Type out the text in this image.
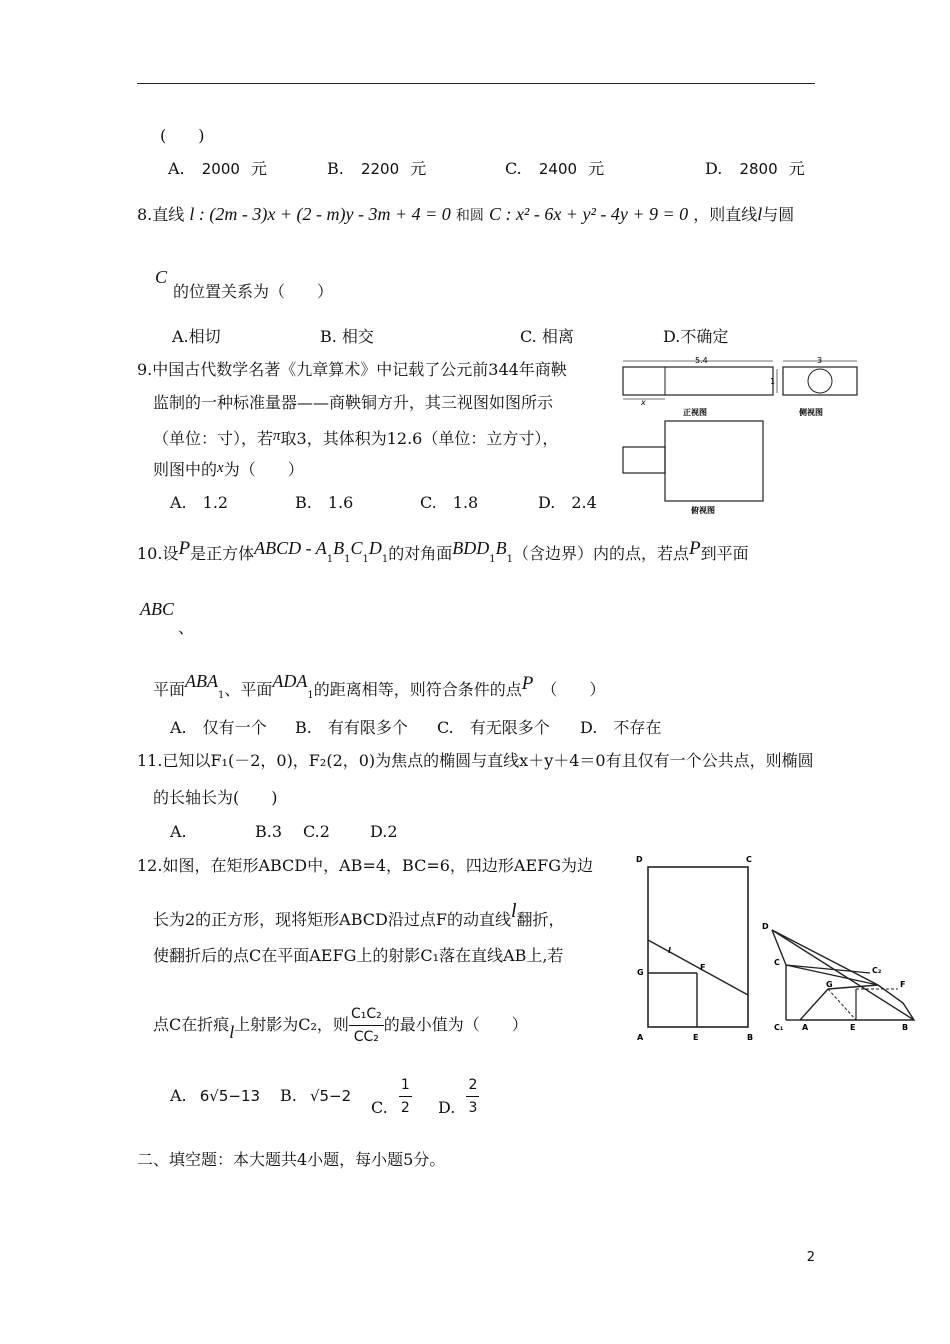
(　　)
A. 2000 元	B. 2200 元	C. 2400 元	D. 2800 元
8.直线 l : (2m - 3)x + (2 - m)y - 3m + 4 = 0 和圆 C : x² - 6x + y² - 4y + 9 = 0 ，则直线l与圆
C
的位置关系为（　　）
A.相切	B. 相交	C. 相离	D.不确定
9.中国古代数学名著《九章算术》中记载了公元前344年商鞅
监制的一种标准量器——商鞅铜方升，其三视图如图所示
（单位：寸），若π取3，其体积为12.6（单位：立方寸），
则图中的x为（　　）
A.　1.2	B.　1.6	C.　1.8	D.　2.4
5.4
x
1
正视图
3
侧视图
俯视图
10.设P是正方体ABCD - $A_1B_1C_1D_1$的对角面$BDD_1B_1$（含边界）内的点，若点P到平面
ABC
、
平面$ABA_1$、平面$ADA_1$的距离相等，则符合条件的点P （　　）
A.　仅有一个 B.　有有限多个 C.　有无限多个 D.　不存在
11.已知以F₁(－2，0)，F₂(2，0)为焦点的椭圆与直线x＋y＋4＝0有且仅有一个公共点，则椭圆
的长轴长为(　　)
A.	B.3 C.2	D.2
12.如图，在矩形ABCD中，AB=4，BC=6，四边形AEFG为边
长为2的正方形，现将矩形ABCD沿过点F的动直线l翻折，
使翻折后的点C在平面AEFG上的射影C₁落在直线AB上,若
点C在折痕l上射影为C₂，则 $\frac{\text{C₁C₂}}{\text{CC₂}}$ 的最小值为（　　）
A. 6√5−13 B. √5−2
C. $\frac{1}{2} D$. $\frac{2}{3}$
D	C
G
F
l
A	E	B
D
C
C₂
G	F
C₁ A	E	B
二、填空题：本大题共4小题，每小题5分。
2
